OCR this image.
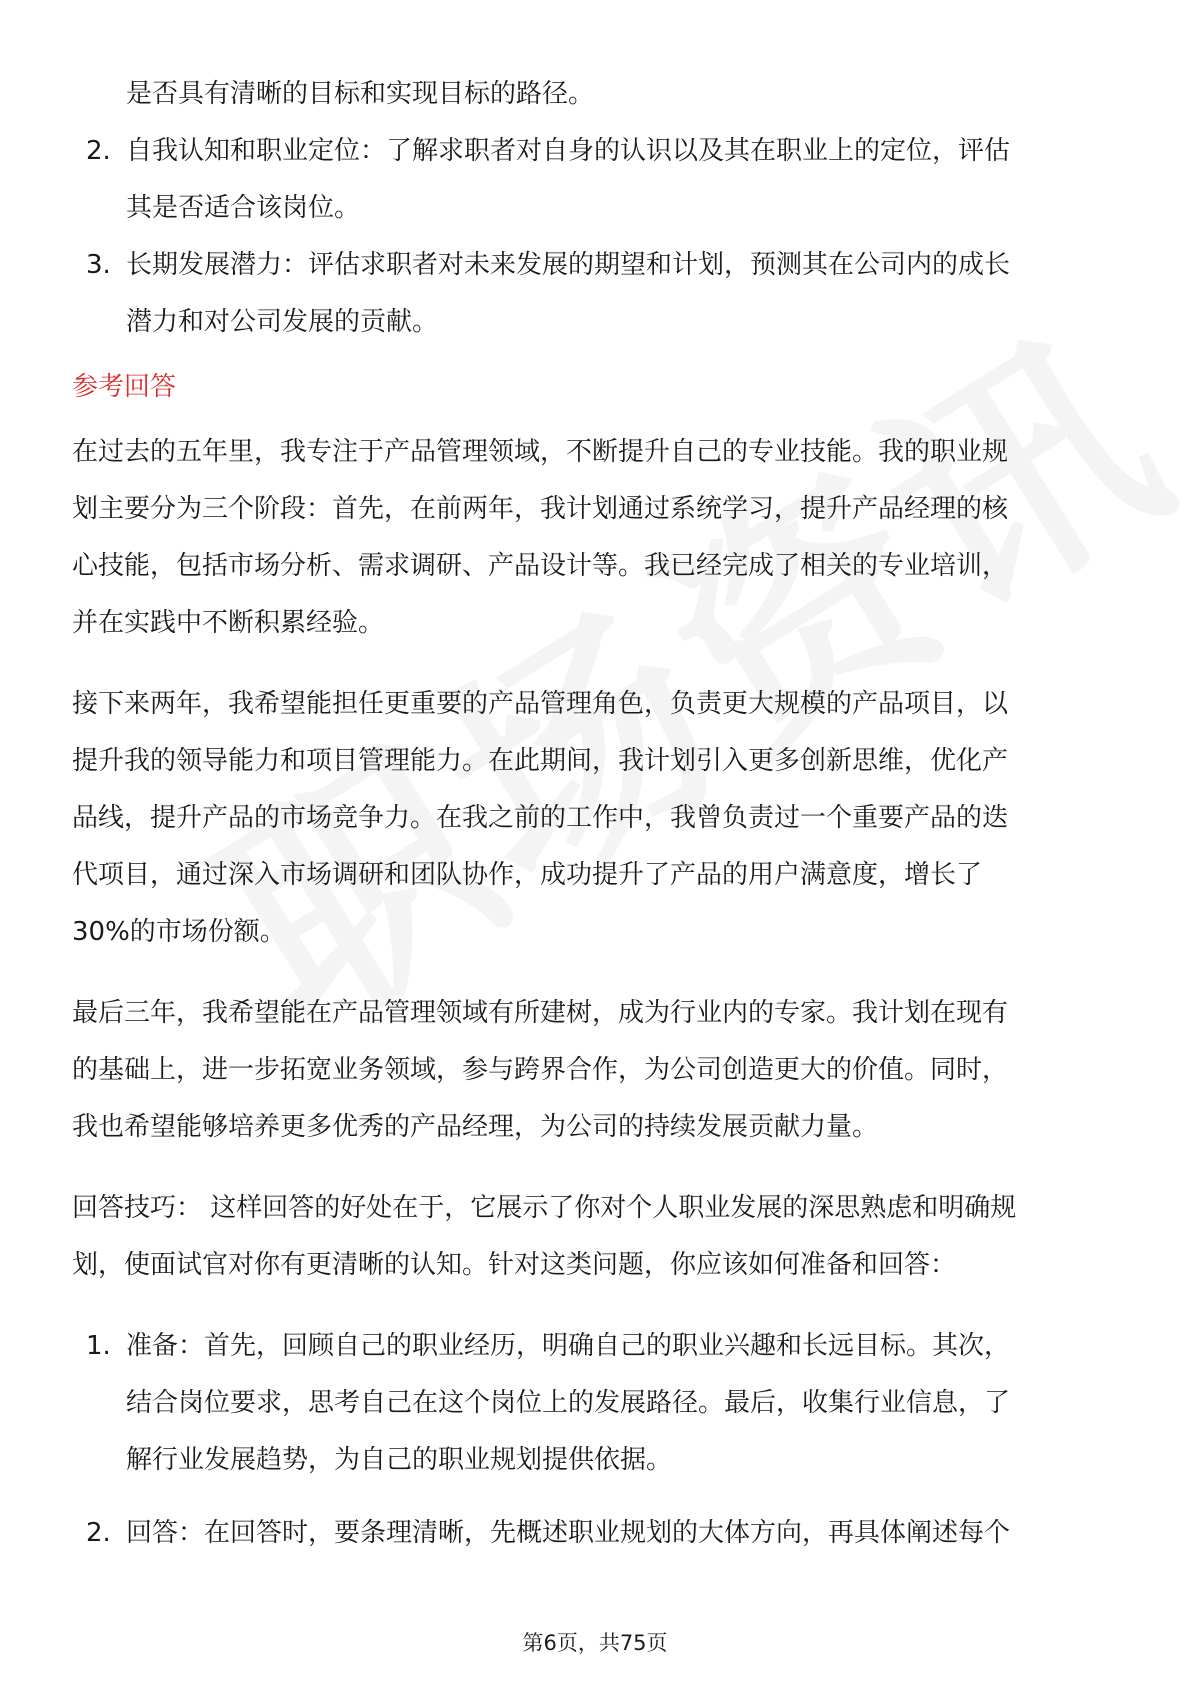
是否具有清晰的目标和实现目标的路径。
2. 自我认知和职业定位：了解求职者对自身的认识以及其在职业上的定位，评估
其是否适合该岗位。
3. 长期发展潜力：评估求职者对未来发展的期望和计划，预测其在公司内的成长
潜力和对公司发展的贡献。
参考回答
在过去的五年里，我专注于产品管理领域，不断提升自己的专业技能。我的职业规
划主要分为三个阶段：首先，在前两年，我计划通过系统学习，提升产品经理的核
心技能，包括市场分析、需求调研、产品设计等。我已经完成了相关的专业培训，
并在实践中不断积累经验。
接下来两年，我希望能担任更重要的产品管理角色，负责更大规模的产品项目，以
提升我的领导能力和项目管理能力。在此期间，我计划引入更多创新思维，优化产
品线，提升产品的市场竞争力。在我之前的工作中，我曾负责过一个重要产品的迭
代项目，通过深入市场调研和团队协作，成功提升了产品的用户满意度，增长了
30%的市场份额。
最后三年，我希望能在产品管理领域有所建树，成为行业内的专家。我计划在现有
的基础上，进一步拓宽业务领域，参与跨界合作，为公司创造更大的价值。同时，
我也希望能够培养更多优秀的产品经理，为公司的持续发展贡献力量。
回答技巧： 这样回答的好处在于，它展示了你对个人职业发展的深思熟虑和明确规
划，使面试官对你有更清晰的认知。针对这类问题，你应该如何准备和回答：
1. 准备：首先，回顾自己的职业经历，明确自己的职业兴趣和长远目标。其次，
结合岗位要求，思考自己在这个岗位上的发展路径。最后，收集行业信息，了
解行业发展趋势，为自己的职业规划提供依据。
2. 回答：在回答时，要条理清晰，先概述职业规划的大体方向，再具体阐述每个
第6页，共75页
